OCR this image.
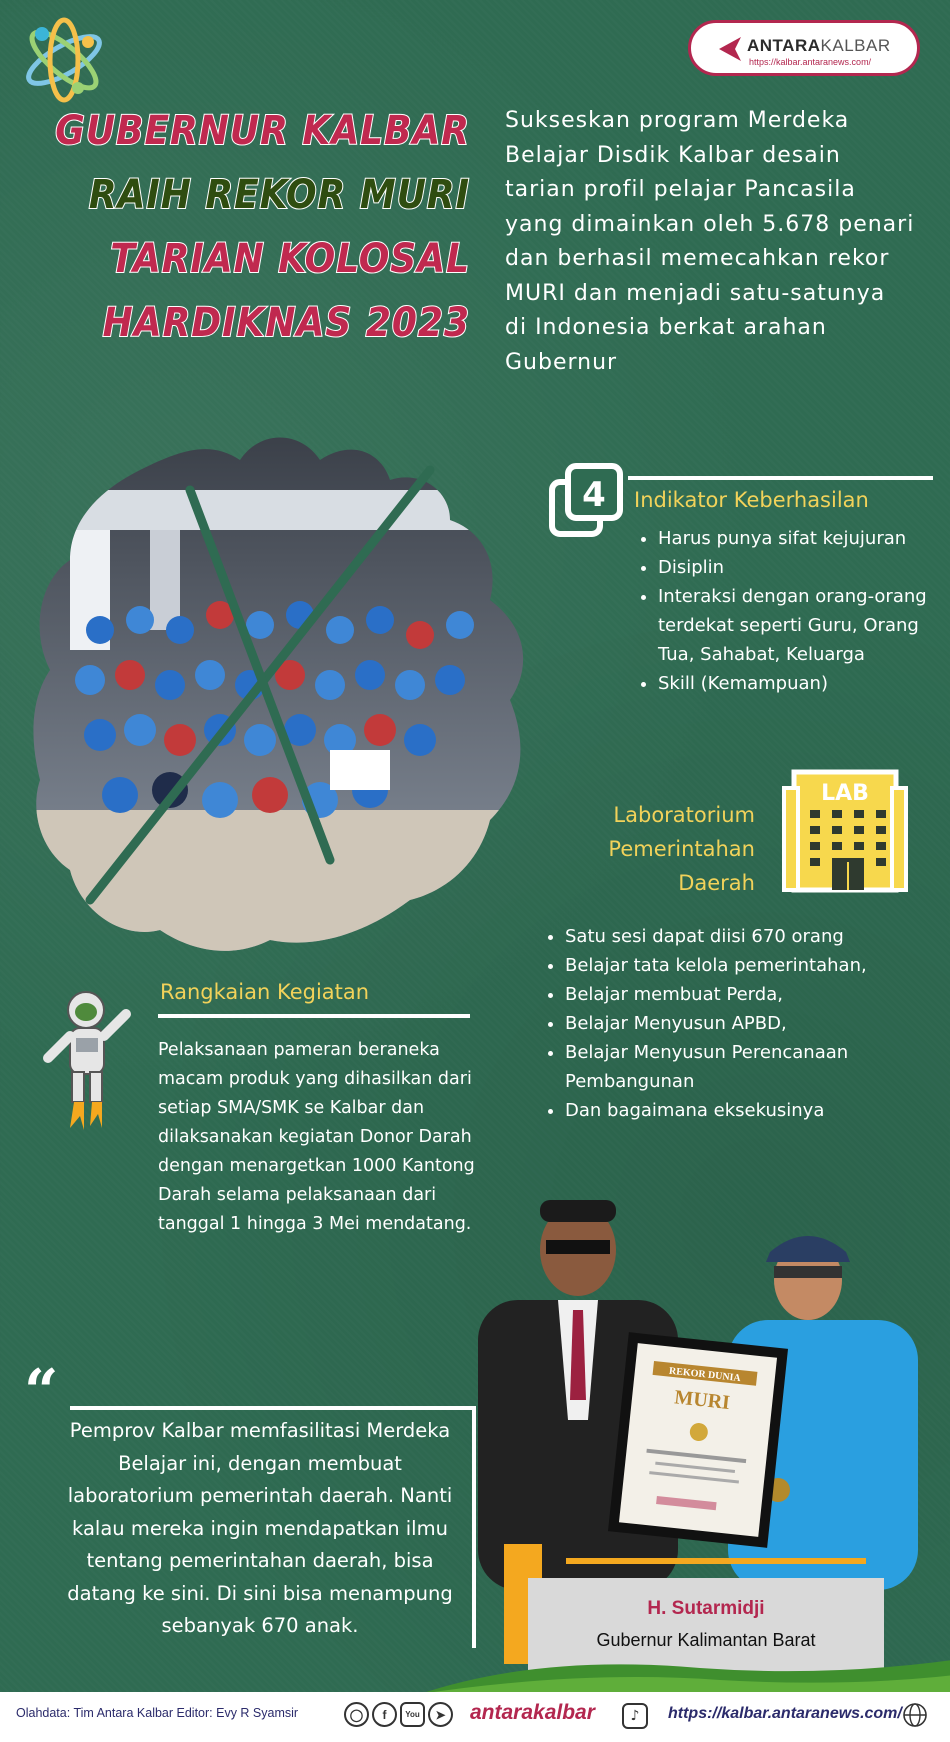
ANTARAKALBAR
https://kalbar.antaranews.com/
GUBERNUR KALBAR
RAIH REKOR MURI
TARIAN KOLOSAL
HARDIKNAS 2023
Sukseskan program Merdeka Belajar Disdik Kalbar desain tarian profil pelajar Pancasila yang dimainkan oleh 5.678 penari dan berhasil memecahkan rekor MURI dan menjadi satu-satunya di Indonesia berkat arahan Gubernur
4 Indikator Keberhasilan
• Harus punya sifat kejujuran
• Disiplin
• Interaksi dengan orang-orang terdekat seperti Guru, Orang Tua, Sahabat, Keluarga
• Skill (Kemampuan)
Laboratorium
Pemerintahan
Daerah
LAB
• Satu sesi dapat diisi 670 orang
• Belajar tata kelola pemerintahan,
• Belajar membuat Perda,
• Belajar Menyusun APBD,
• Belajar Menyusun Perencanaan Pembangunan
• Dan bagaimana eksekusinya
Rangkaian Kegiatan
Pelaksanaan pameran beraneka macam produk yang dihasilkan dari setiap SMA/SMK se Kalbar dan dilaksanakan kegiatan Donor Darah dengan menargetkan 1000 Kantong Darah selama pelaksanaan dari tanggal 1 hingga 3 Mei mendatang.
“
Pemprov Kalbar memfasilitasi Merdeka Belajar ini, dengan membuat laboratorium pemerintah daerah. Nanti kalau mereka ingin mendapatkan ilmu tentang pemerintahan daerah, bisa datang ke sini. Di sini bisa menampung sebanyak 670 anak.
REKOR DUNIA
MURI
H. Sutarmidji
Gubernur Kalimantan Barat
Olahdata: Tim Antara Kalbar Editor: Evy R Syamsir	◯	f	You	➤	antarakalbar	♪	https://kalbar.antaranews.com/
